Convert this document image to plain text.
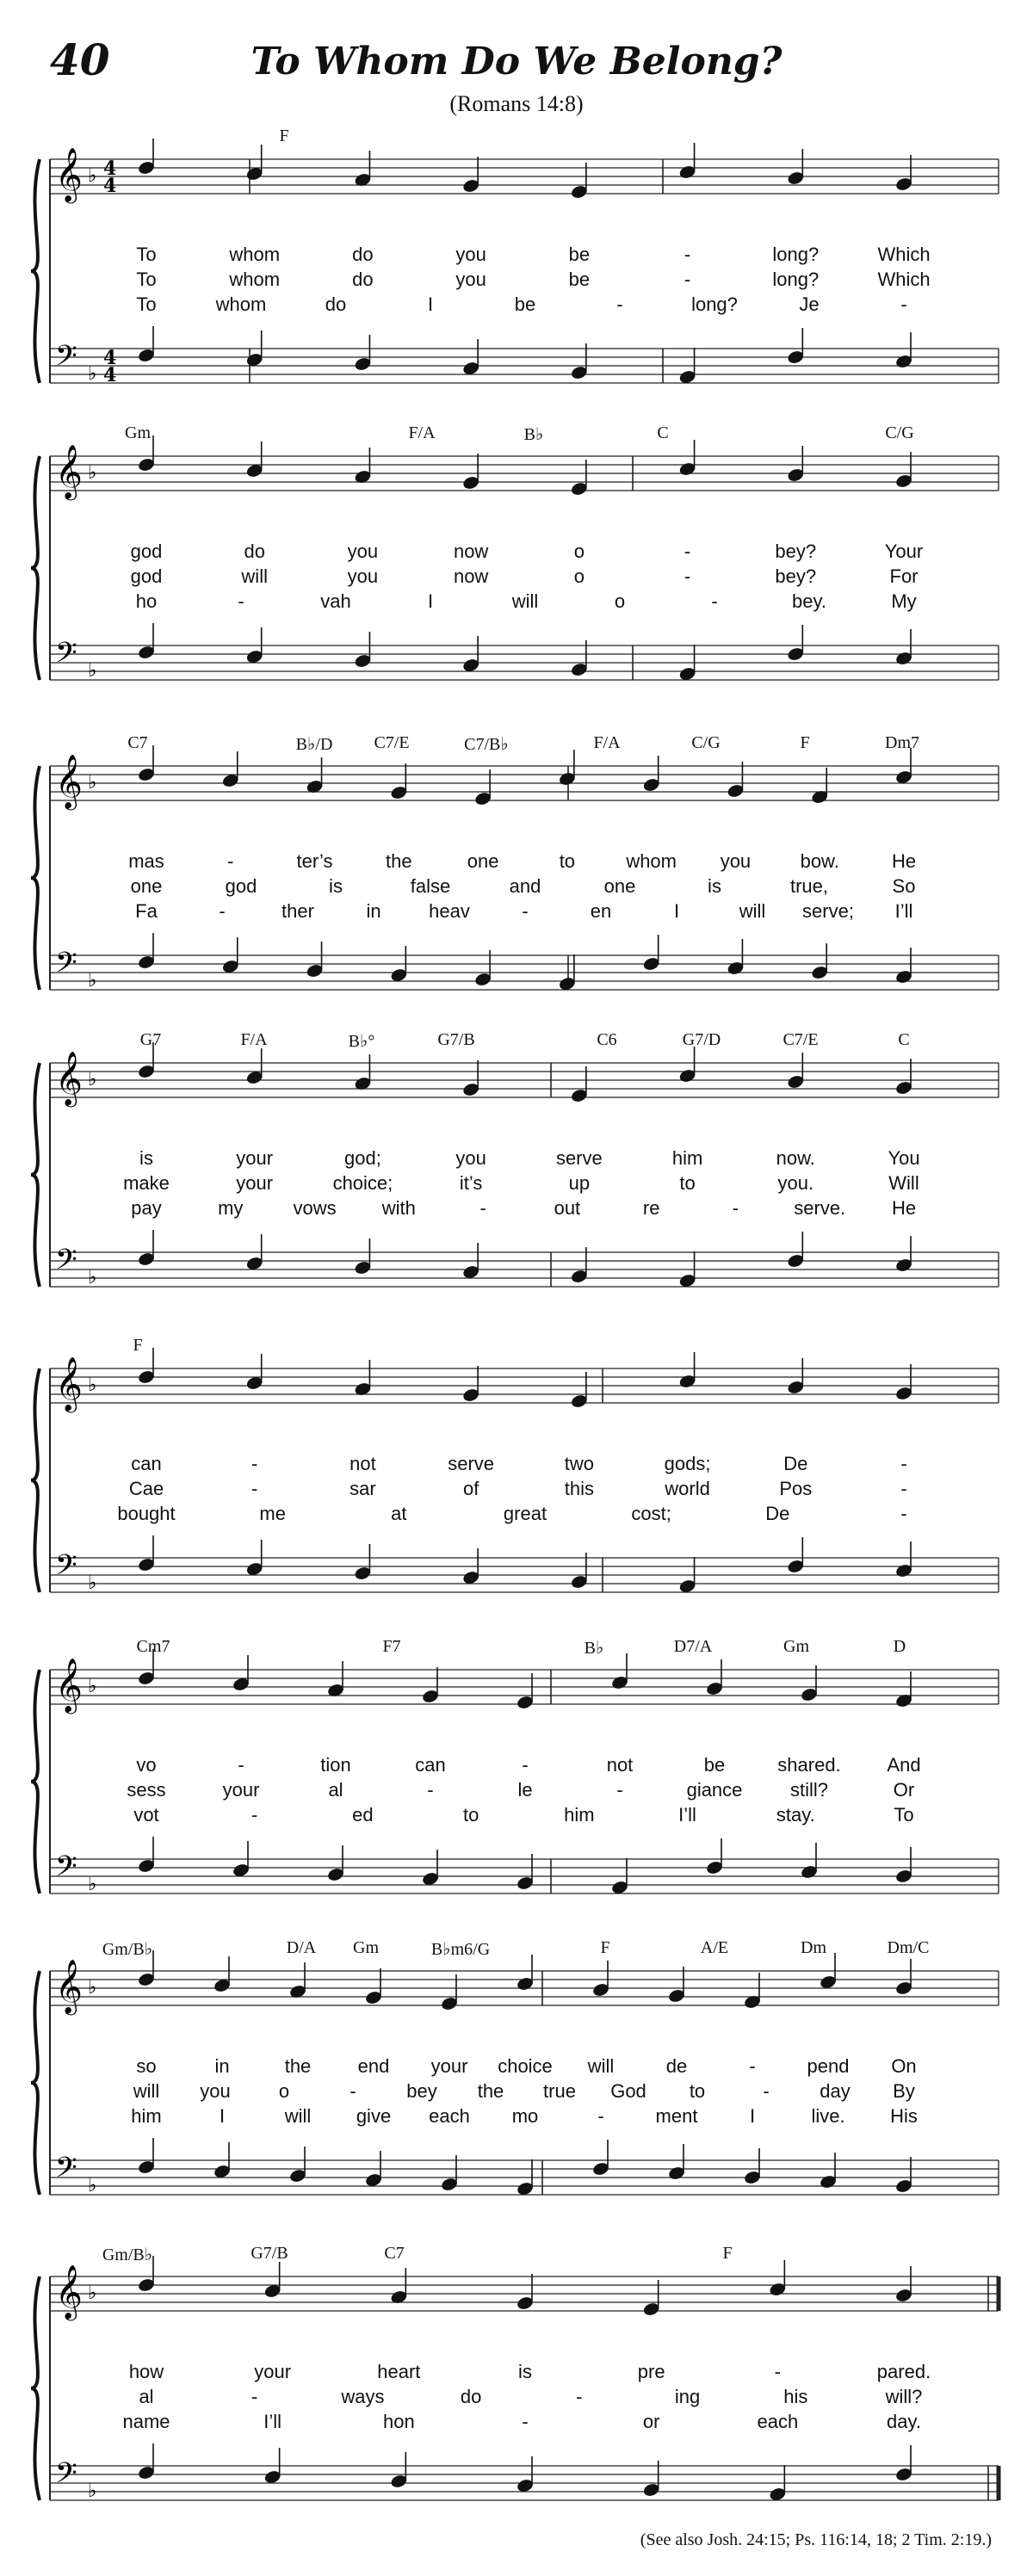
40	To Whom Do We Belong?
(Romans 14:8)
𝄞 ♭ 4
4
𝄢 ♭
4
4
F
To	whom	do	you	be	-	long?	Which
To	whom	do	you	be	-	long?	Which
To	whom	do	I	be	-	long?	Je	-
𝄞 ♭
𝄢 ♭
Gm	F/A	B♭	C	C/G
god	do	you	now	o	-	bey?	Your
god	will	you	now	o	-	bey?	For
ho	-	vah	I	will	o	-	bey.	My
𝄞 ♭
𝄢 ♭
C7	B♭/D C7/E	C7/B♭	F/A	C/G	F	Dm7
mas	-	ter’s	the	one	to	whom you	bow.	He
one	god	is	false	and	one	is	true,	So
Fa	-	ther	in	heav	-	en	I	will serve; I’ll
𝄞 ♭
𝄢 ♭
G7	F/A	B♭°	G7/B	C6	G7/D	C7/E	C
is	your	god;	you	serve	him	now.	You
make	your	choice;	it’s	up	to	you.	Will
pay	my	vows with	-	out	re	-	serve. He
𝄞 ♭
𝄢 ♭
F
can	-	not	serve	two	gods;	De	-
Cae	-	sar	of	this	world	Pos	-
bought	me	at	great	cost;	De	-
𝄞 ♭
𝄢 ♭
Cm7	F7	B♭	D7/A	Gm	D
vo	-	tion	can	-	not	be	shared. And
sess	your	al	-	le	-	giance	still?	Or
vot	-	ed	to	him	I’ll	stay.	To
𝄞 ♭
𝄢 ♭
Gm/B♭	D/A Gm	B♭m6/G	F	A/E	Dm	Dm/C
so	in	the end your choice will	de	-	pend On
will you	o	-	bey the true God to	-	day By
him	I	will give each mo	-	ment	I	live. His
𝄞 ♭
𝄢 ♭
Gm/B♭	G7/B	C7	F
how	your	heart	is	pre	-	pared.
al	-	ways	do	-	ing	his	will?
name	I’ll	hon	-	or	each	day.
(See also Josh. 24:15; Ps. 116:14, 18; 2 Tim. 2:19.)
